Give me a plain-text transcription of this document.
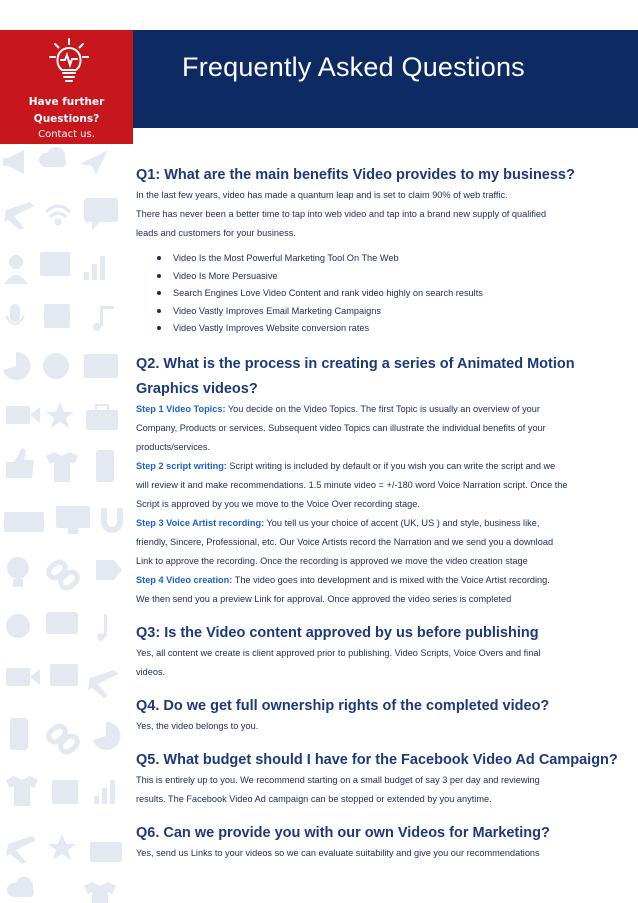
Have further
Questions?
Contact us.
Frequently Asked Questions
Q1: What are the main benefits Video provides to my business?

In the last few years, video has made a quantum leap and is set to claim 90% of web traffic.

There has never been a better time to tap into web video and tap into a brand new supply of qualified

leads and customers for your business.

Video Is the Most Powerful Marketing Tool On The Web
Video Is More Persuasive
Search Engines Love Video Content and rank video highly on search results
Video Vastly Improves Email Marketing Campaigns
Video Vastly Improves Website conversion rates
Q2. What is the process in creating a series of Animated Motion
Graphics videos?

Step 1 Video Topics: You decide on the Video Topics. The first Topic is usually an overview of your

Company, Products or services. Subsequent video Topics can illustrate the individual benefits of your

products/services.

Step 2 script writing: Script writing is included by default or if you wish you can write the script and we

will review it and make recommendations. 1.5 minute video = +/-180 word Voice Narration script. Once the

Script is approved by you we move to the Voice Over recording stage.

Step 3 Voice Artist recording: You tell us your choice of accent (UK, US ) and style, business like,

friendly, Sincere, Professional, etc. Our Voice Artists record the Narration and we send you a download

Link to approve the recording. Once the recording is approved we move the video creation stage

Step 4 Video creation: The video goes into development and is mixed with the Voice Artist recording.

We then send you a preview Link for approval. Once approved the video series is completed

Q3: Is the Video content approved by us before publishing

Yes, all content we create is client approved prior to publishing. Video Scripts, Voice Overs and final

videos.

Q4. Do we get full ownership rights of the completed video?

Yes, the video belongs to you.

Q5. What budget should I have for the Facebook Video Ad Campaign?

This is entirely up to you. We recommend starting on a small budget of say 3 per day and reviewing

results. The Facebook Video Ad campaign can be stopped or extended by you anytime.

Q6. Can we provide you with our own Videos for Marketing?

Yes, send us Links to your videos so we can evaluate suitability and give you our recommendations
